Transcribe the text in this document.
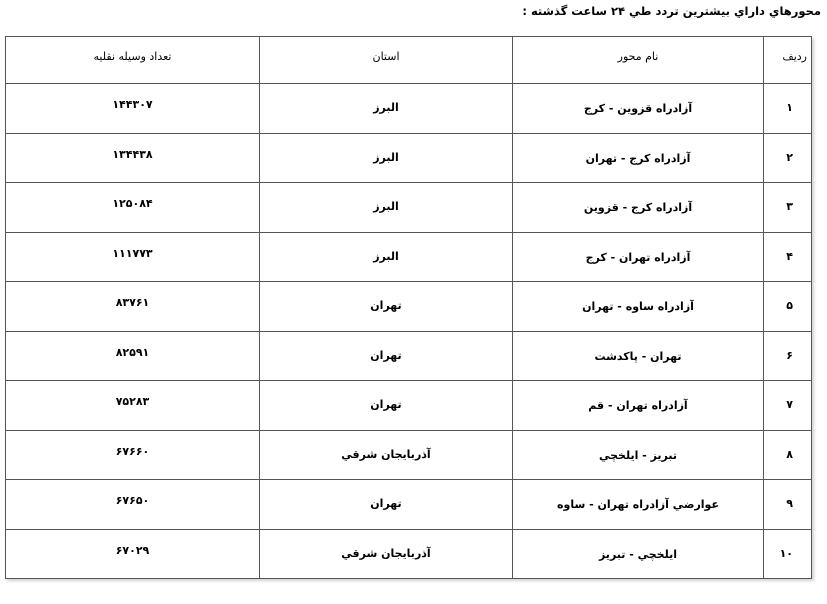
محورهاي داراي بيشترين تردد طي ۲۴ ساعت گذشته :
رديف	نام محور	استان	تعداد وسيله نقليه
۱	آزادراه قزوين - كرج	البرز	۱۴۴۳۰۷
۲	آزادراه كرج - تهران	البرز	۱۳۴۴۳۸
۳	آزادراه كرج - قزوين	البرز	۱۲۵۰۸۴
۴	آزادراه تهران - كرج	البرز	۱۱۱۷۷۳
۵	آزادراه ساوه - تهران	تهران	۸۳۷۶۱
۶	تهران - پاكدشت	تهران	۸۲۵۹۱
۷	آزادراه تهران - قم	تهران	۷۵۲۸۳
۸	تبريز - ايلخچي	آذربايجان شرقي	۶۷۶۶۰
۹	عوارضي آزادراه تهران - ساوه	تهران	۶۷۶۵۰
۱۰	ايلخچي - تبريز	آذربايجان شرقي	۶۷۰۲۹
